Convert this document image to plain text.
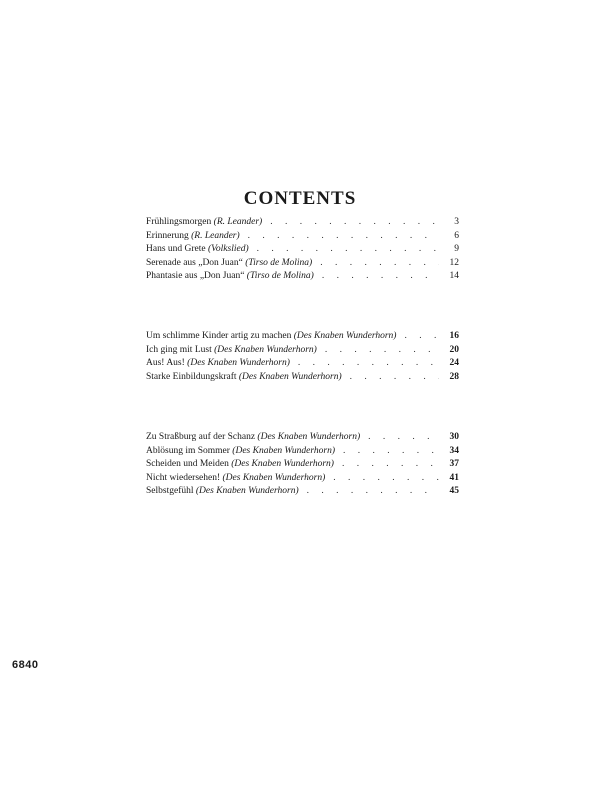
CONTENTS
Frühlingsmorgen (R. Leander) . . .	3
Erinnerung (R. Leander) . . .	6
Hans und Grete (Volkslied) . . .	9
Serenade aus „Don Juan“ (Tirso de Molina) . . .	12
Phantasie aus „Don Juan“ (Tirso de Molina) . . .	14
Um schlimme Kinder artig zu machen (Des Knaben Wunderhorn) . . .	16
Ich ging mit Lust (Des Knaben Wunderhorn) . . .	20
Aus! Aus! (Des Knaben Wunderhorn) . . .	24
Starke Einbildungskraft (Des Knaben Wunderhorn) . . .	28
Zu Straßburg auf der Schanz (Des Knaben Wunderhorn) . . .	30
Ablösung im Sommer (Des Knaben Wunderhorn) . . .	34
Scheiden und Meiden (Des Knaben Wunderhorn) . . .	37
Nicht wiedersehen! (Des Knaben Wunderhorn) . . .	41
Selbstgefühl (Des Knaben Wunderhorn) . . .	45
6840
